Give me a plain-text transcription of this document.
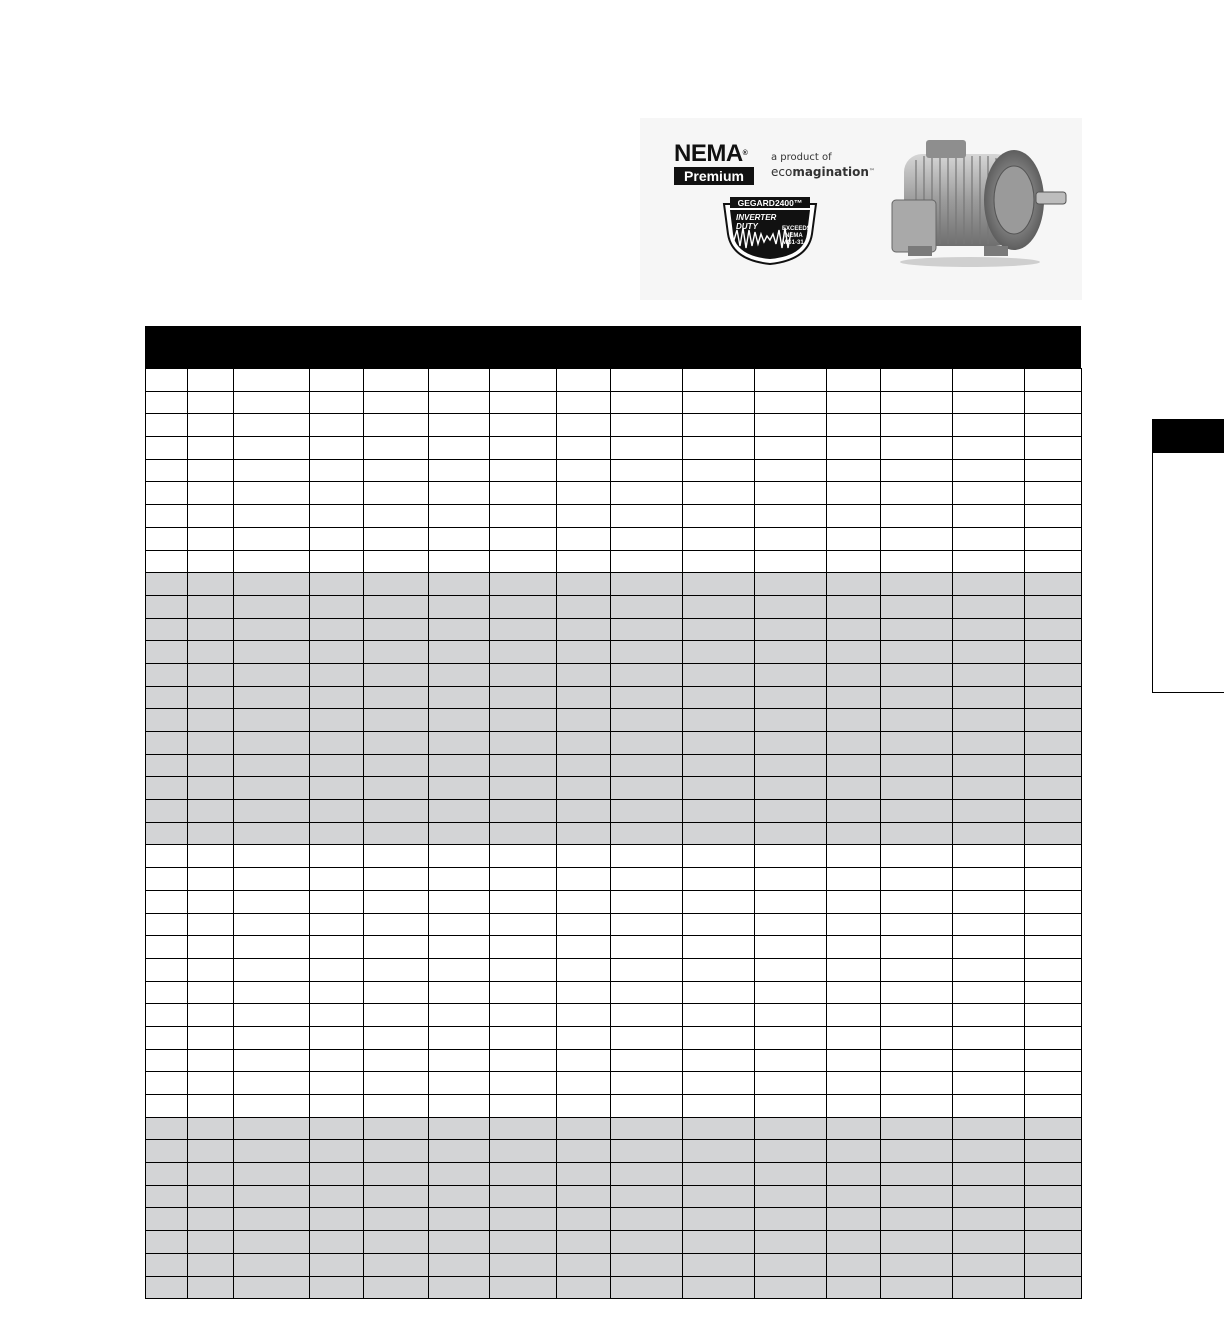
NEMA®
Premium
a product of
ecomagination™
GEGARD2400™
INVERTER
DUTY	EXCEEDS
NEMA
MG1-31
